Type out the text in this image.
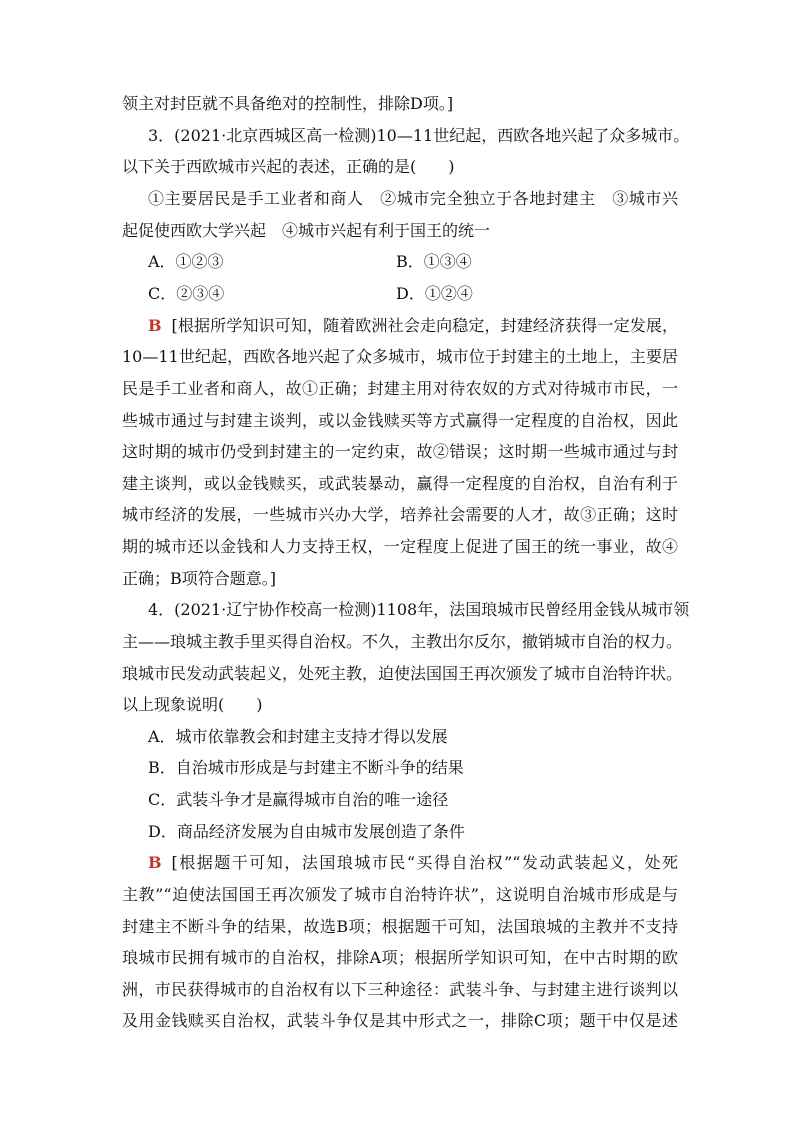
领主对封臣就不具备绝对的控制性，排除D项。]
3．(2021·北京西城区高一检测)10—11世纪起，西欧各地兴起了众多城市。
以下关于西欧城市兴起的表述，正确的是(　　)
①主要居民是手工业者和商人　②城市完全独立于各地封建主　③城市兴
起促使西欧大学兴起　④城市兴起有利于国王的统一
A．①②③	B．①③④
C．②③④	D．①②④
B [根据所学知识可知，随着欧洲社会走向稳定，封建经济获得一定发展，
10—11世纪起，西欧各地兴起了众多城市，城市位于封建主的土地上，主要居
民是手工业者和商人，故①正确；封建主用对待农奴的方式对待城市市民，一
些城市通过与封建主谈判，或以金钱赎买等方式赢得一定程度的自治权，因此
这时期的城市仍受到封建主的一定约束，故②错误；这时期一些城市通过与封
建主谈判，或以金钱赎买，或武装暴动，赢得一定程度的自治权，自治有利于
城市经济的发展，一些城市兴办大学，培养社会需要的人才，故③正确；这时
期的城市还以金钱和人力支持王权，一定程度上促进了国王的统一事业，故④
正确；B项符合题意。]
4．(2021·辽宁协作校高一检测)1108年，法国琅城市民曾经用金钱从城市领
主——琅城主教手里买得自治权。不久，主教出尔反尔，撤销城市自治的权力。
琅城市民发动武装起义，处死主教，迫使法国国王再次颁发了城市自治特许状。
以上现象说明(　　)
A．城市依靠教会和封建主支持才得以发展
B．自治城市形成是与封建主不断斗争的结果
C．武装斗争才是赢得城市自治的唯一途径
D．商品经济发展为自由城市发展创造了条件
B [根据题干可知，法国琅城市民“买得自治权”“发动武装起义，处死
主教”“迫使法国国王再次颁发了城市自治特许状”，这说明自治城市形成是与
封建主不断斗争的结果，故选B项；根据题干可知，法国琅城的主教并不支持
琅城市民拥有城市的自治权，排除A项；根据所学知识可知，在中古时期的欧
洲，市民获得城市的自治权有以下三种途径：武装斗争、与封建主进行谈判以
及用金钱赎买自治权，武装斗争仅是其中形式之一，排除C项；题干中仅是述
